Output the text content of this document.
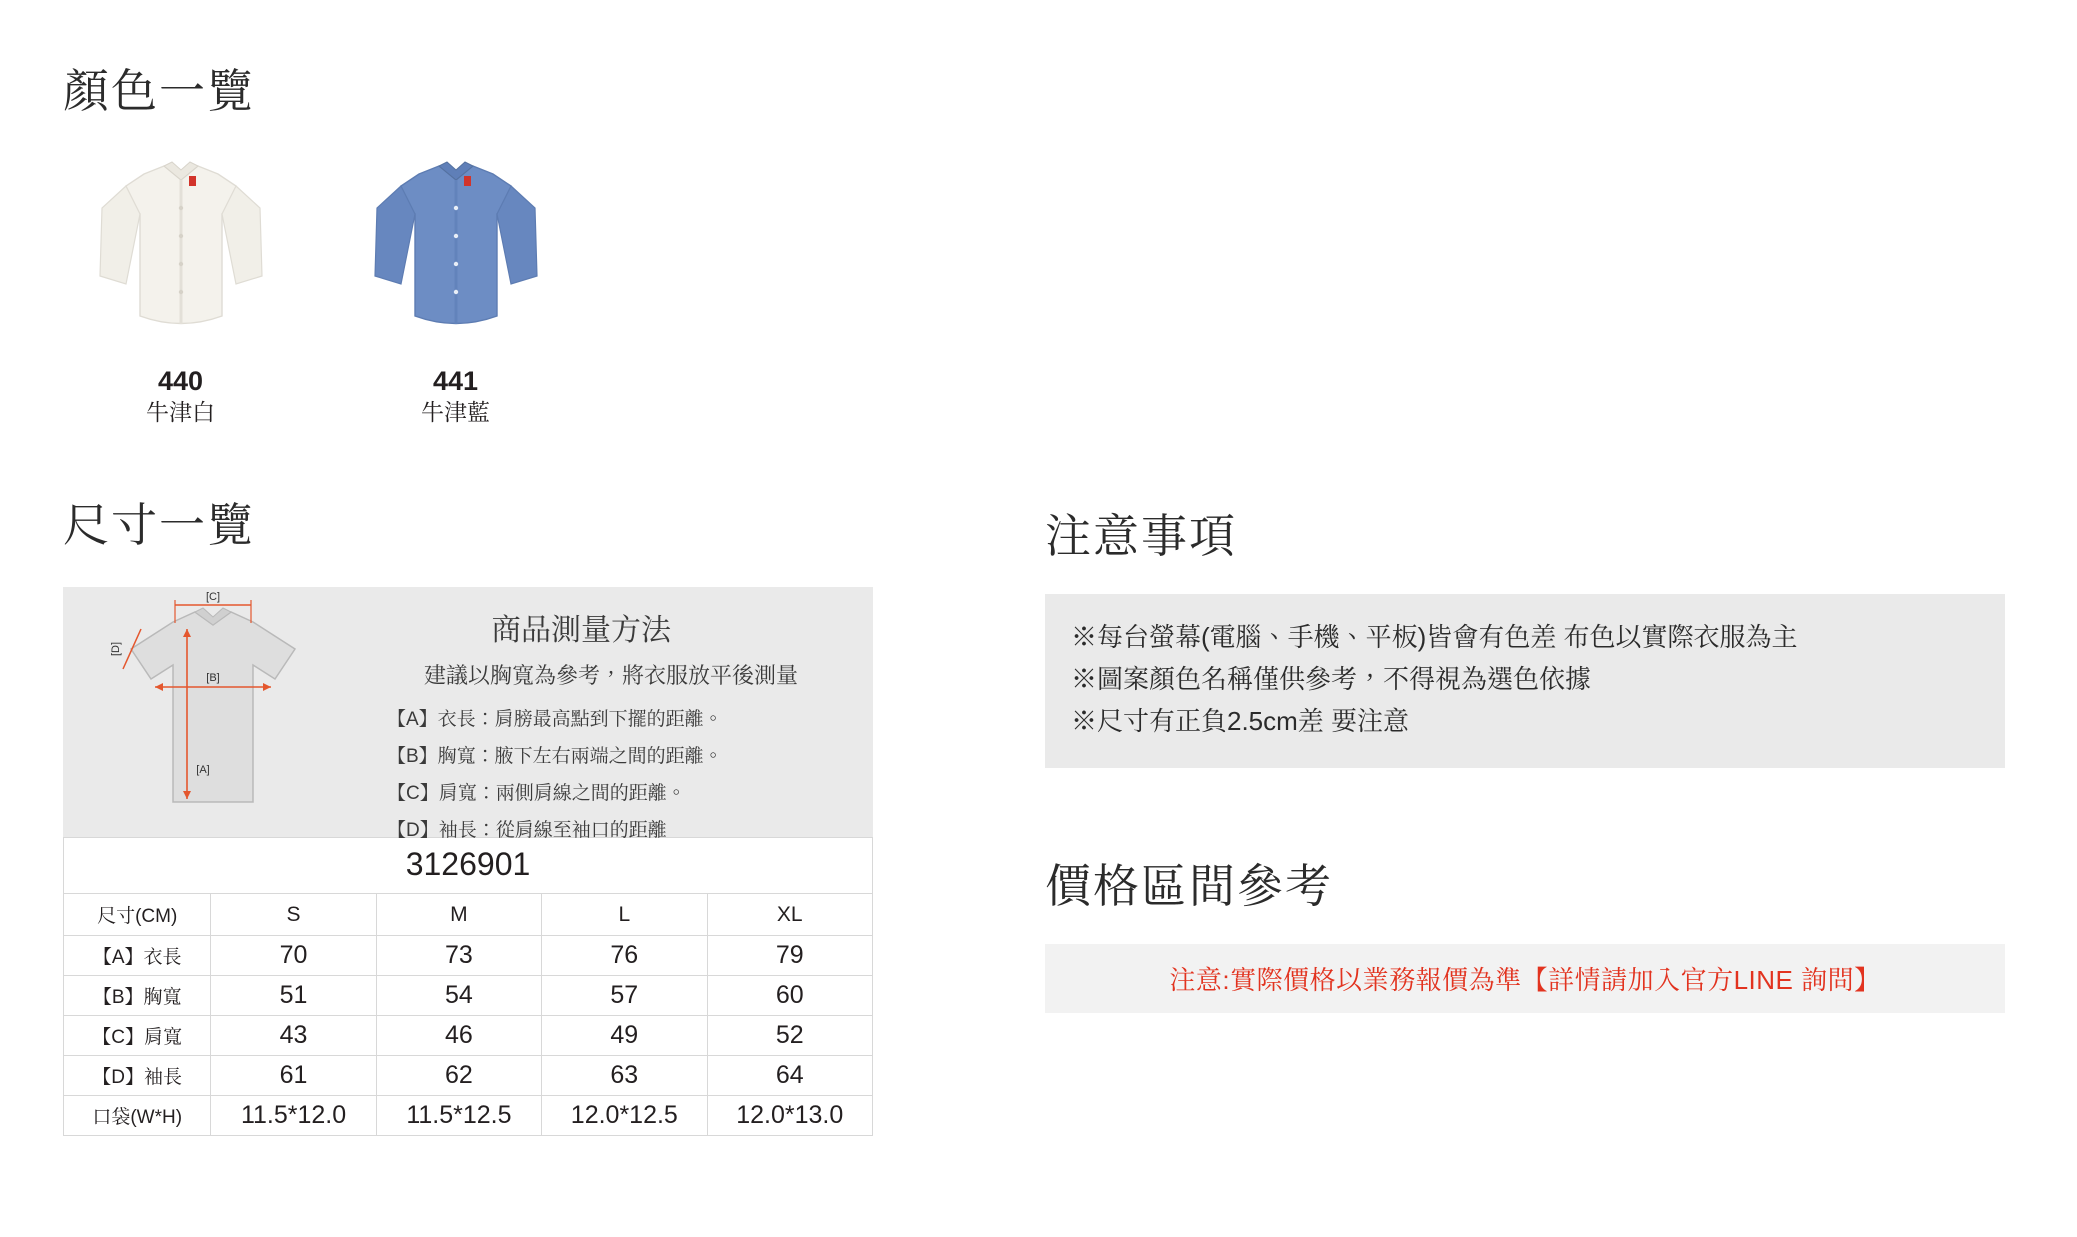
顏色一覽
440
牛津白
441
牛津藍
尺寸一覽
[C]
[D]
[B]
[A]

商品測量方法

建議以胸寬為參考，將衣服放平後測量

【A】衣長：肩膀最高點到下擺的距離。

【B】胸寬：腋下左右兩端之間的距離。

【C】肩寬：兩側肩線之間的距離。

【D】袖長：從肩線至袖口的距離

3126901				
尺寸(CM)	S	M	L	XL
【A】衣長	70	73	76	79
【B】胸寬	51	54	57	60
【C】肩寬	43	46	49	52
【D】袖長	61	62	63	64
口袋(W*H)	11.5*12.0	11.5*12.5	12.0*12.5	12.0*13.0
注意事項

※每台螢幕(電腦、手機、平板)皆會有色差 布色以實際衣服為主

※圖案顏色名稱僅供參考，不得視為選色依據

※尺寸有正負2.5cm差 要注意

價格區間參考

注意:實際價格以業務報價為準【詳情請加入官方LINE 詢問】
